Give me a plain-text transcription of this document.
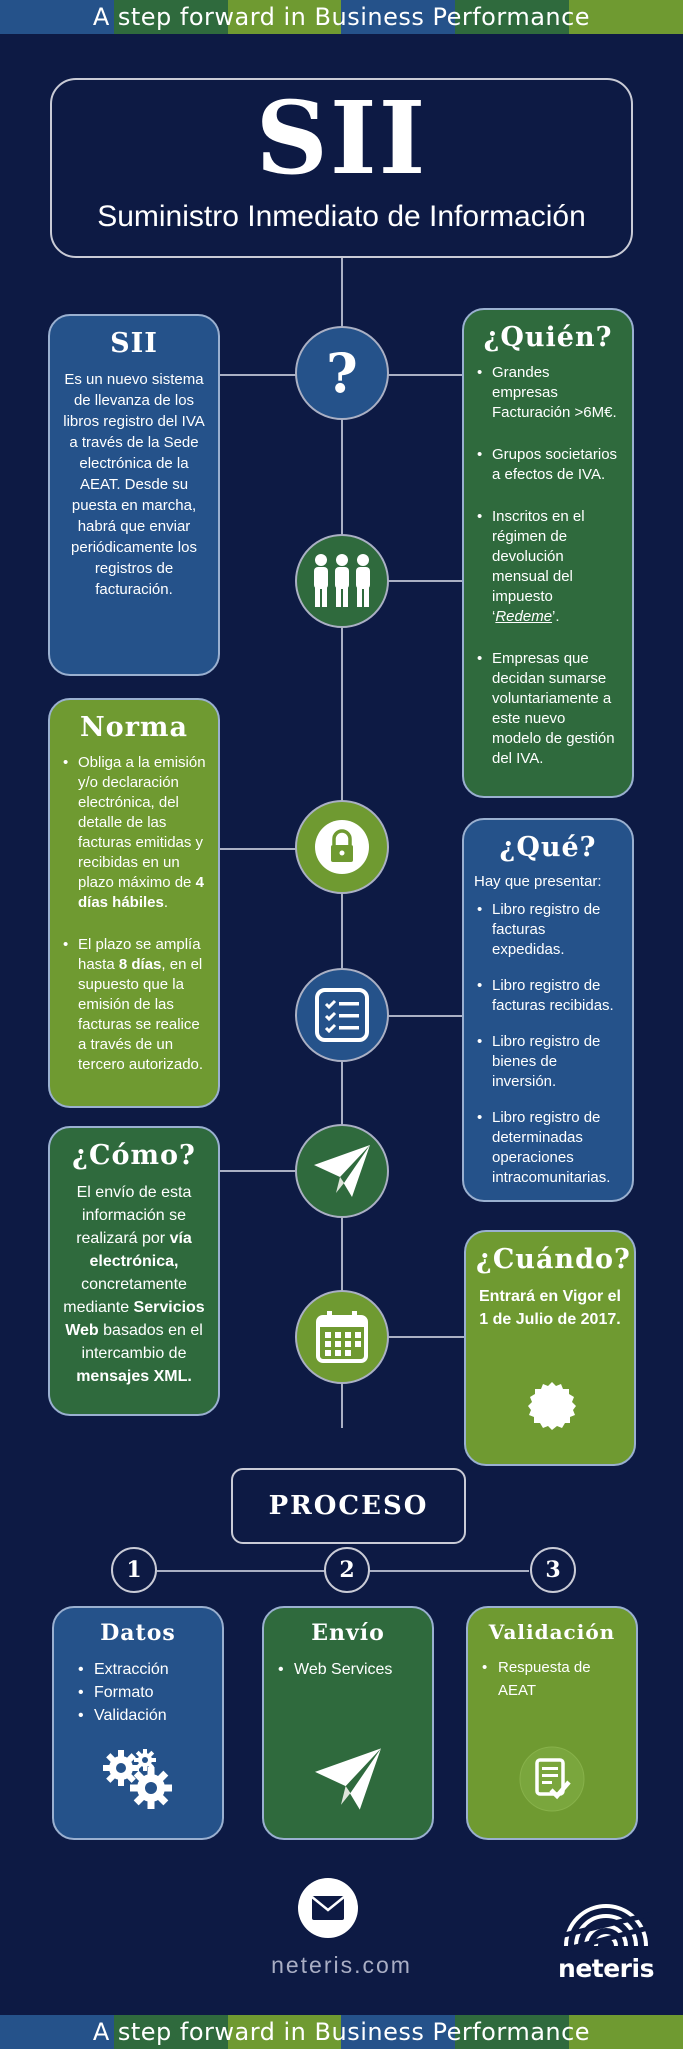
A step forward in Business Performance
SII
Suministro Inmediato de Información
SII

Es un nuevo sistema de llevanza de los libros registro del IVA a través de la Sede electrónica de la AEAT. Desde su puesta en marcha, habrá que enviar periódicamente los registros de facturación.

¿Quién?
• Grandes empresas Facturación >6M€.
• Grupos societarios a efectos de IVA.
• Inscritos en el régimen de devolución mensual del impuesto ‘Redeme’.
• Empresas que decidan sumarse voluntariamente a este nuevo modelo de gestión del IVA.
Norma
• Obliga a la emisión y/o declaración electrónica, del detalle de las facturas emitidas y recibidas en un plazo máximo de 4 días hábiles.
• El plazo se amplía hasta 8 días, en el supuesto que la emisión de las facturas se realice a través de un tercero autorizado.
¿Qué?
Hay que presentar:
• Libro registro de facturas expedidas.
• Libro registro de facturas recibidas.
• Libro registro de bienes de inversión.
• Libro registro de determinadas operaciones intracomunitarias.
¿Cómo?

El envío de esta información se realizará por vía electrónica, concretamente mediante Servicios Web basados en el intercambio de mensajes XML.

¿Cuándo?

Entrará en Vigor el 1 de Julio de 2017.

?
PROCESO
1	2	3
Datos
• Extracción
• Formato
• Validación
Envío
• Web Services
Validación
• Respuesta de AEAT
neteris.com	neteris
A step forward in Business Performance
